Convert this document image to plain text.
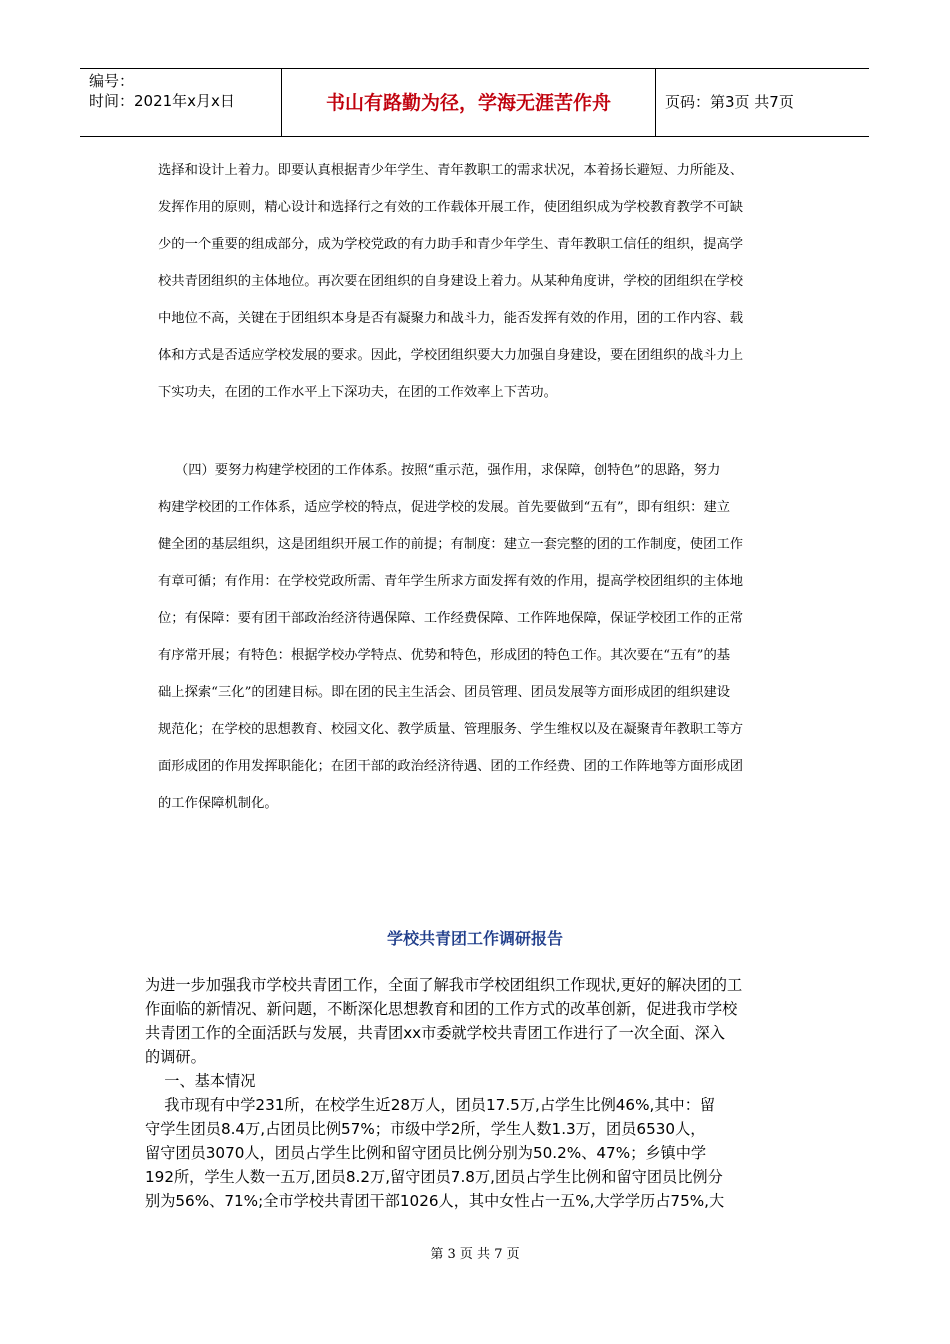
编号：
时间：2021年x月x日	书山有路勤为径，学海无涯苦作舟	页码：第3页 共7页
选择和设计上着力。即要认真根据青少年学生、青年教职工的需求状况，本着扬长避短、力所能及、
发挥作用的原则，精心设计和选择行之有效的工作载体开展工作，使团组织成为学校教育教学不可缺
少的一个重要的组成部分，成为学校党政的有力助手和青少年学生、青年教职工信任的组织，提高学
校共青团组织的主体地位。再次要在团组织的自身建设上着力。从某种角度讲，学校的团组织在学校
中地位不高，关键在于团组织本身是否有凝聚力和战斗力，能否发挥有效的作用，团的工作内容、载
体和方式是否适应学校发展的要求。因此，学校团组织要大力加强自身建设，要在团组织的战斗力上
下实功夫，在团的工作水平上下深功夫，在团的工作效率上下苦功。
（四）要努力构建学校团的工作体系。按照“重示范，强作用，求保障，创特色”的思路，努力
构建学校团的工作体系，适应学校的特点，促进学校的发展。首先要做到“五有”，即有组织：建立
健全团的基层组织，这是团组织开展工作的前提；有制度：建立一套完整的团的工作制度，使团工作
有章可循；有作用：在学校党政所需、青年学生所求方面发挥有效的作用，提高学校团组织的主体地
位；有保障：要有团干部政治经济待遇保障、工作经费保障、工作阵地保障，保证学校团工作的正常
有序常开展；有特色：根据学校办学特点、优势和特色，形成团的特色工作。其次要在“五有”的基
础上探索“三化”的团建目标。即在团的民主生活会、团员管理、团员发展等方面形成团的组织建设
规范化；在学校的思想教育、校园文化、教学质量、管理服务、学生维权以及在凝聚青年教职工等方
面形成团的作用发挥职能化；在团干部的政治经济待遇、团的工作经费、团的工作阵地等方面形成团
的工作保障机制化。
学校共青团工作调研报告
为进一步加强我市学校共青团工作，全面了解我市学校团组织工作现状,更好的解决团的工
作面临的新情况、新问题，不断深化思想教育和团的工作方式的改革创新，促进我市学校
共青团工作的全面活跃与发展，共青团xx市委就学校共青团工作进行了一次全面、深入
的调研。
一、基本情况
我市现有中学231所，在校学生近28万人，团员17.5万,占学生比例46%,其中：留
守学生团员8.4万,占团员比例57%；市级中学2所，学生人数1.3万，团员6530人，
留守团员3070人，团员占学生比例和留守团员比例分别为50.2%、47%；乡镇中学
192所，学生人数一五万,团员8.2万,留守团员7.8万,团员占学生比例和留守团员比例分
别为56%、71%;全市学校共青团干部1026人，其中女性占一五%,大学学历占75%,大
第 3 页 共 7 页
